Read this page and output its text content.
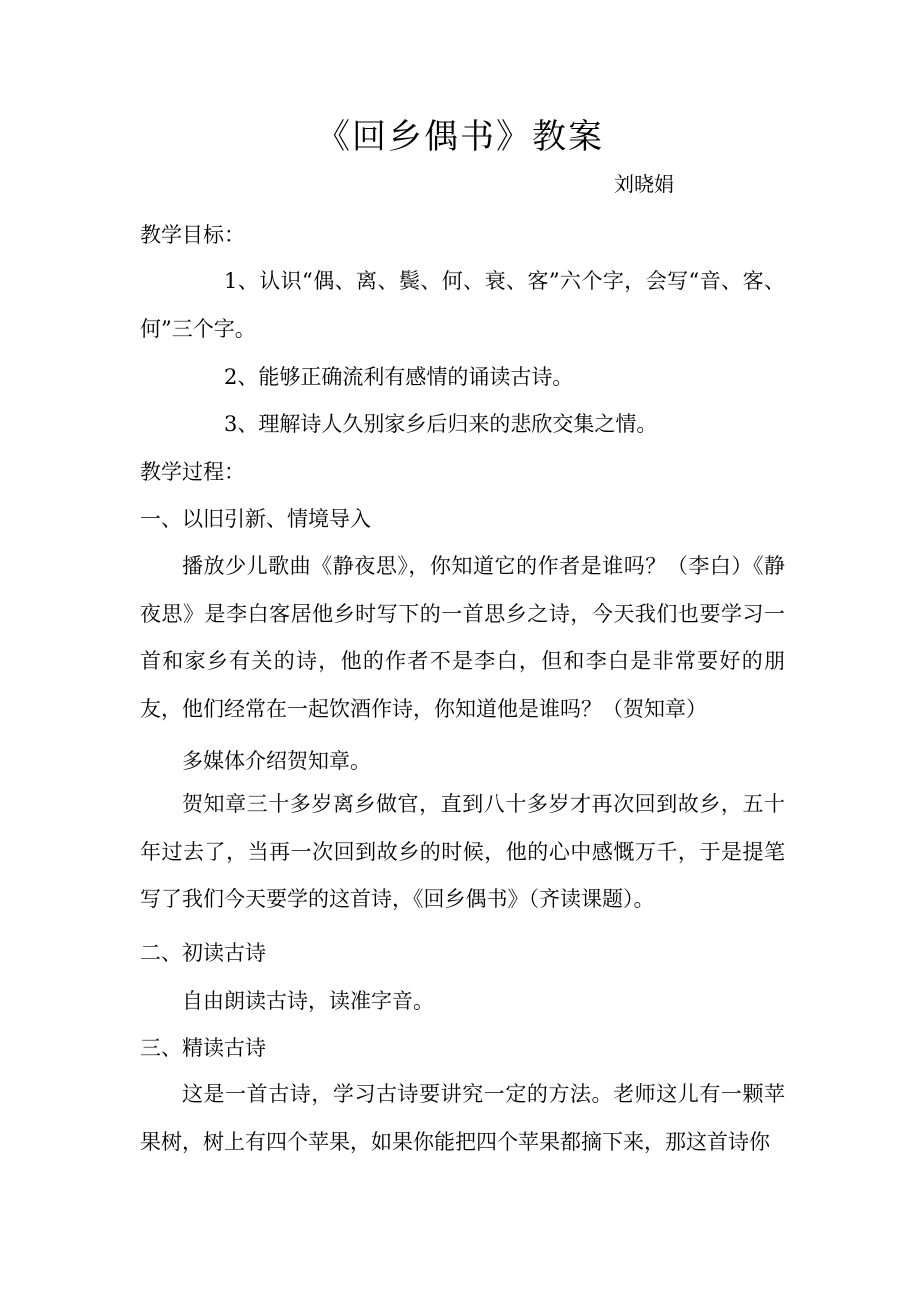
《回乡偶书》教案
刘晓娟
教学目标：

1、认识“偶、离、鬓、何、衰、客”六个字，会写“音、客、何”三个字。

2、能够正确流利有感情的诵读古诗。
3、理解诗人久别家乡后归来的悲欣交集之情。
教学过程：
一、以旧引新、情境导入

播放少儿歌曲《静夜思》，你知道它的作者是谁吗？（李白）《静夜思》是李白客居他乡时写下的一首思乡之诗，今天我们也要学习一首和家乡有关的诗，他的作者不是李白，但和李白是非常要好的朋友，他们经常在一起饮酒作诗，你知道他是谁吗？（贺知章）

多媒体介绍贺知章。

贺知章三十多岁离乡做官，直到八十多岁才再次回到故乡，五十年过去了，当再一次回到故乡的时候，他的心中感慨万千，于是提笔写了我们今天要学的这首诗，《回乡偶书》（齐读课题）。

二、初读古诗
自由朗读古诗，读准字音。
三、精读古诗

这是一首古诗，学习古诗要讲究一定的方法。老师这儿有一颗苹果树，树上有四个苹果，如果你能把四个苹果都摘下来，那这首诗你
